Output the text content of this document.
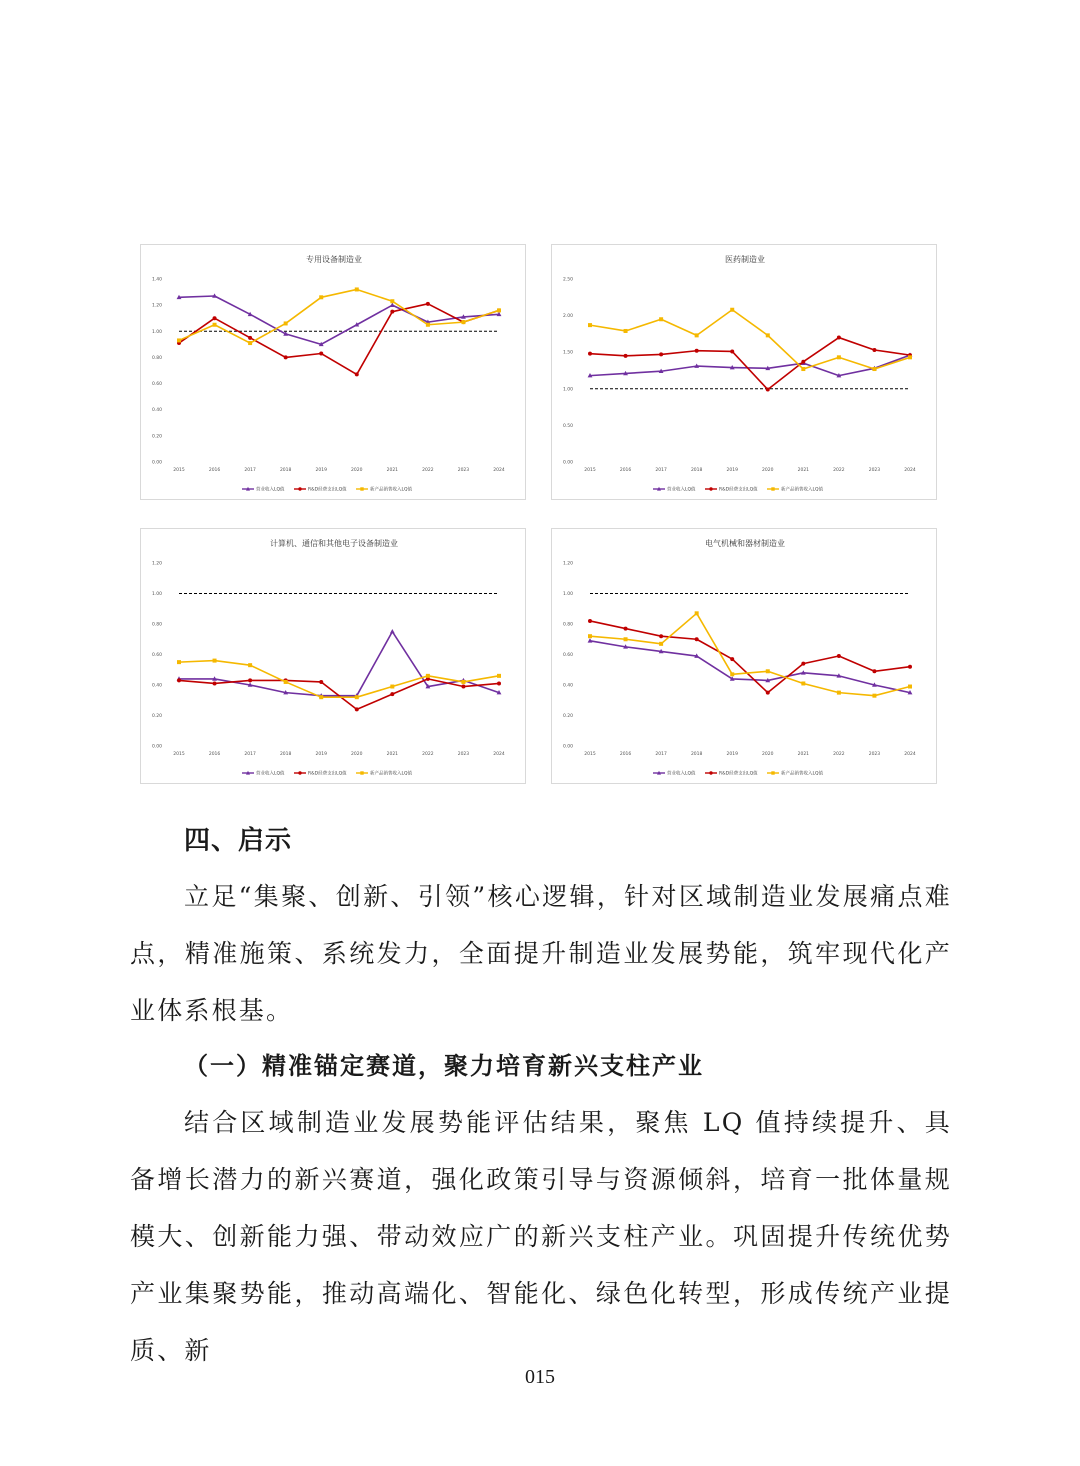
专用设备制造业
0.00
0.20
0.40
0.60
0.80
1.00
1.20
1.40
2015	2016	2017	2018	2019	2020	2021	2022	2023	2024
营业收入LQ值	R&D经费支出LQ值	新产品销售收入LQ值
医药制造业
0.00
0.50
1.00
1.50
2.00
2.50
2015	2016	2017	2018	2019	2020	2021	2022	2023	2024
营业收入LQ值	R&D经费支出LQ值	新产品销售收入LQ值
计算机、通信和其他电子设备制造业
0.00
0.20
0.40
0.60
0.80
1.00
1.20
2015	2016	2017	2018	2019	2020	2021	2022	2023	2024
营业收入LQ值	R&D经费支出LQ值	新产品销售收入LQ值
电气机械和器材制造业
0.00
0.20
0.40
0.60
0.80
1.00
1.20
2015	2016	2017	2018	2019	2020	2021	2022	2023	2024
营业收入LQ值	R&D经费支出LQ值	新产品销售收入LQ值
四、启示
立足“集聚、创新、引领”核心逻辑，针对区域制造业发展痛点难点，精准施策、系统发力，全面提升制造业发展势能，筑牢现代化产业体系根基。
（一）精准锚定赛道，聚力培育新兴支柱产业
结合区域制造业发展势能评估结果，聚焦 LQ 值持续提升、具备增长潜力的新兴赛道，强化政策引导与资源倾斜，培育一批体量规模大、创新能力强、带动效应广的新兴支柱产业。巩固提升传统优势产业集聚势能，推动高端化、智能化、绿色化转型，形成传统产业提质、新
015
